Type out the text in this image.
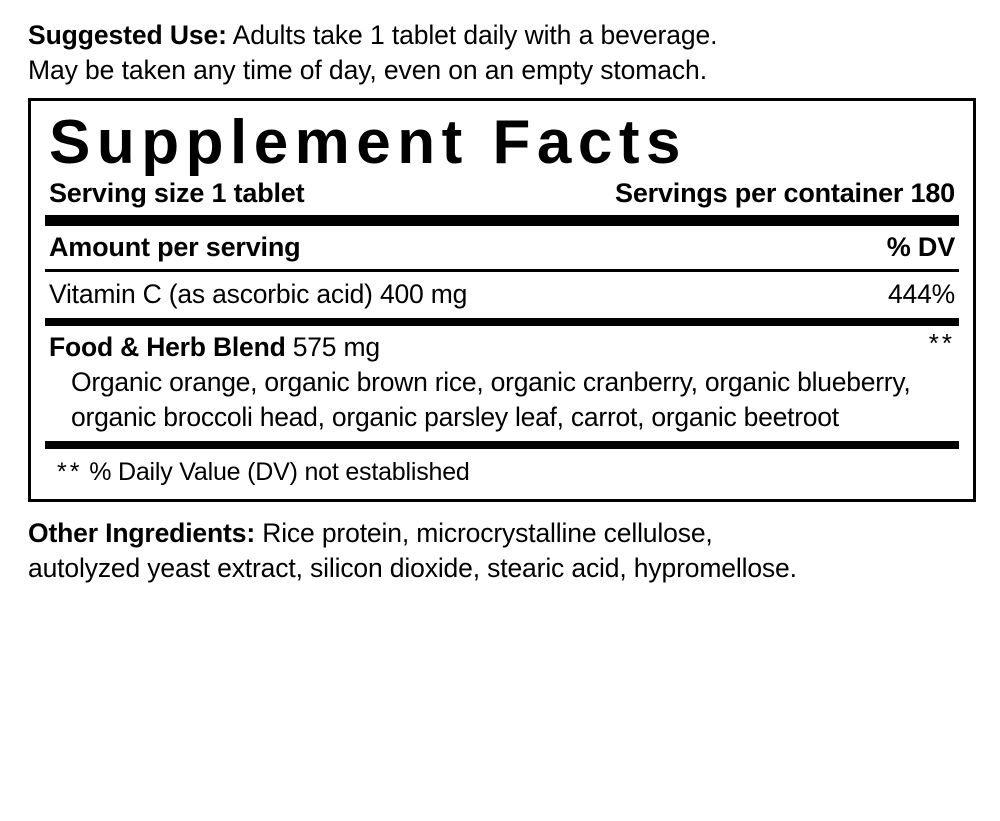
Suggested Use: Adults take 1 tablet daily with a beverage.
May be taken any time of day, even on an empty stomach.
Supplement Facts
Serving size 1 tablet	Servings per container 180
Amount per serving	% DV
Vitamin C (as ascorbic acid) 400 mg	444%
Food & Herb Blend 575 mg	**
Organic orange, organic brown rice, organic cranberry, organic blueberry, organic broccoli head, organic parsley leaf, carrot, organic beetroot
** % Daily Value (DV) not established
Other Ingredients: Rice protein, microcrystalline cellulose,
autolyzed yeast extract, silicon dioxide, stearic acid, hypromellose.
